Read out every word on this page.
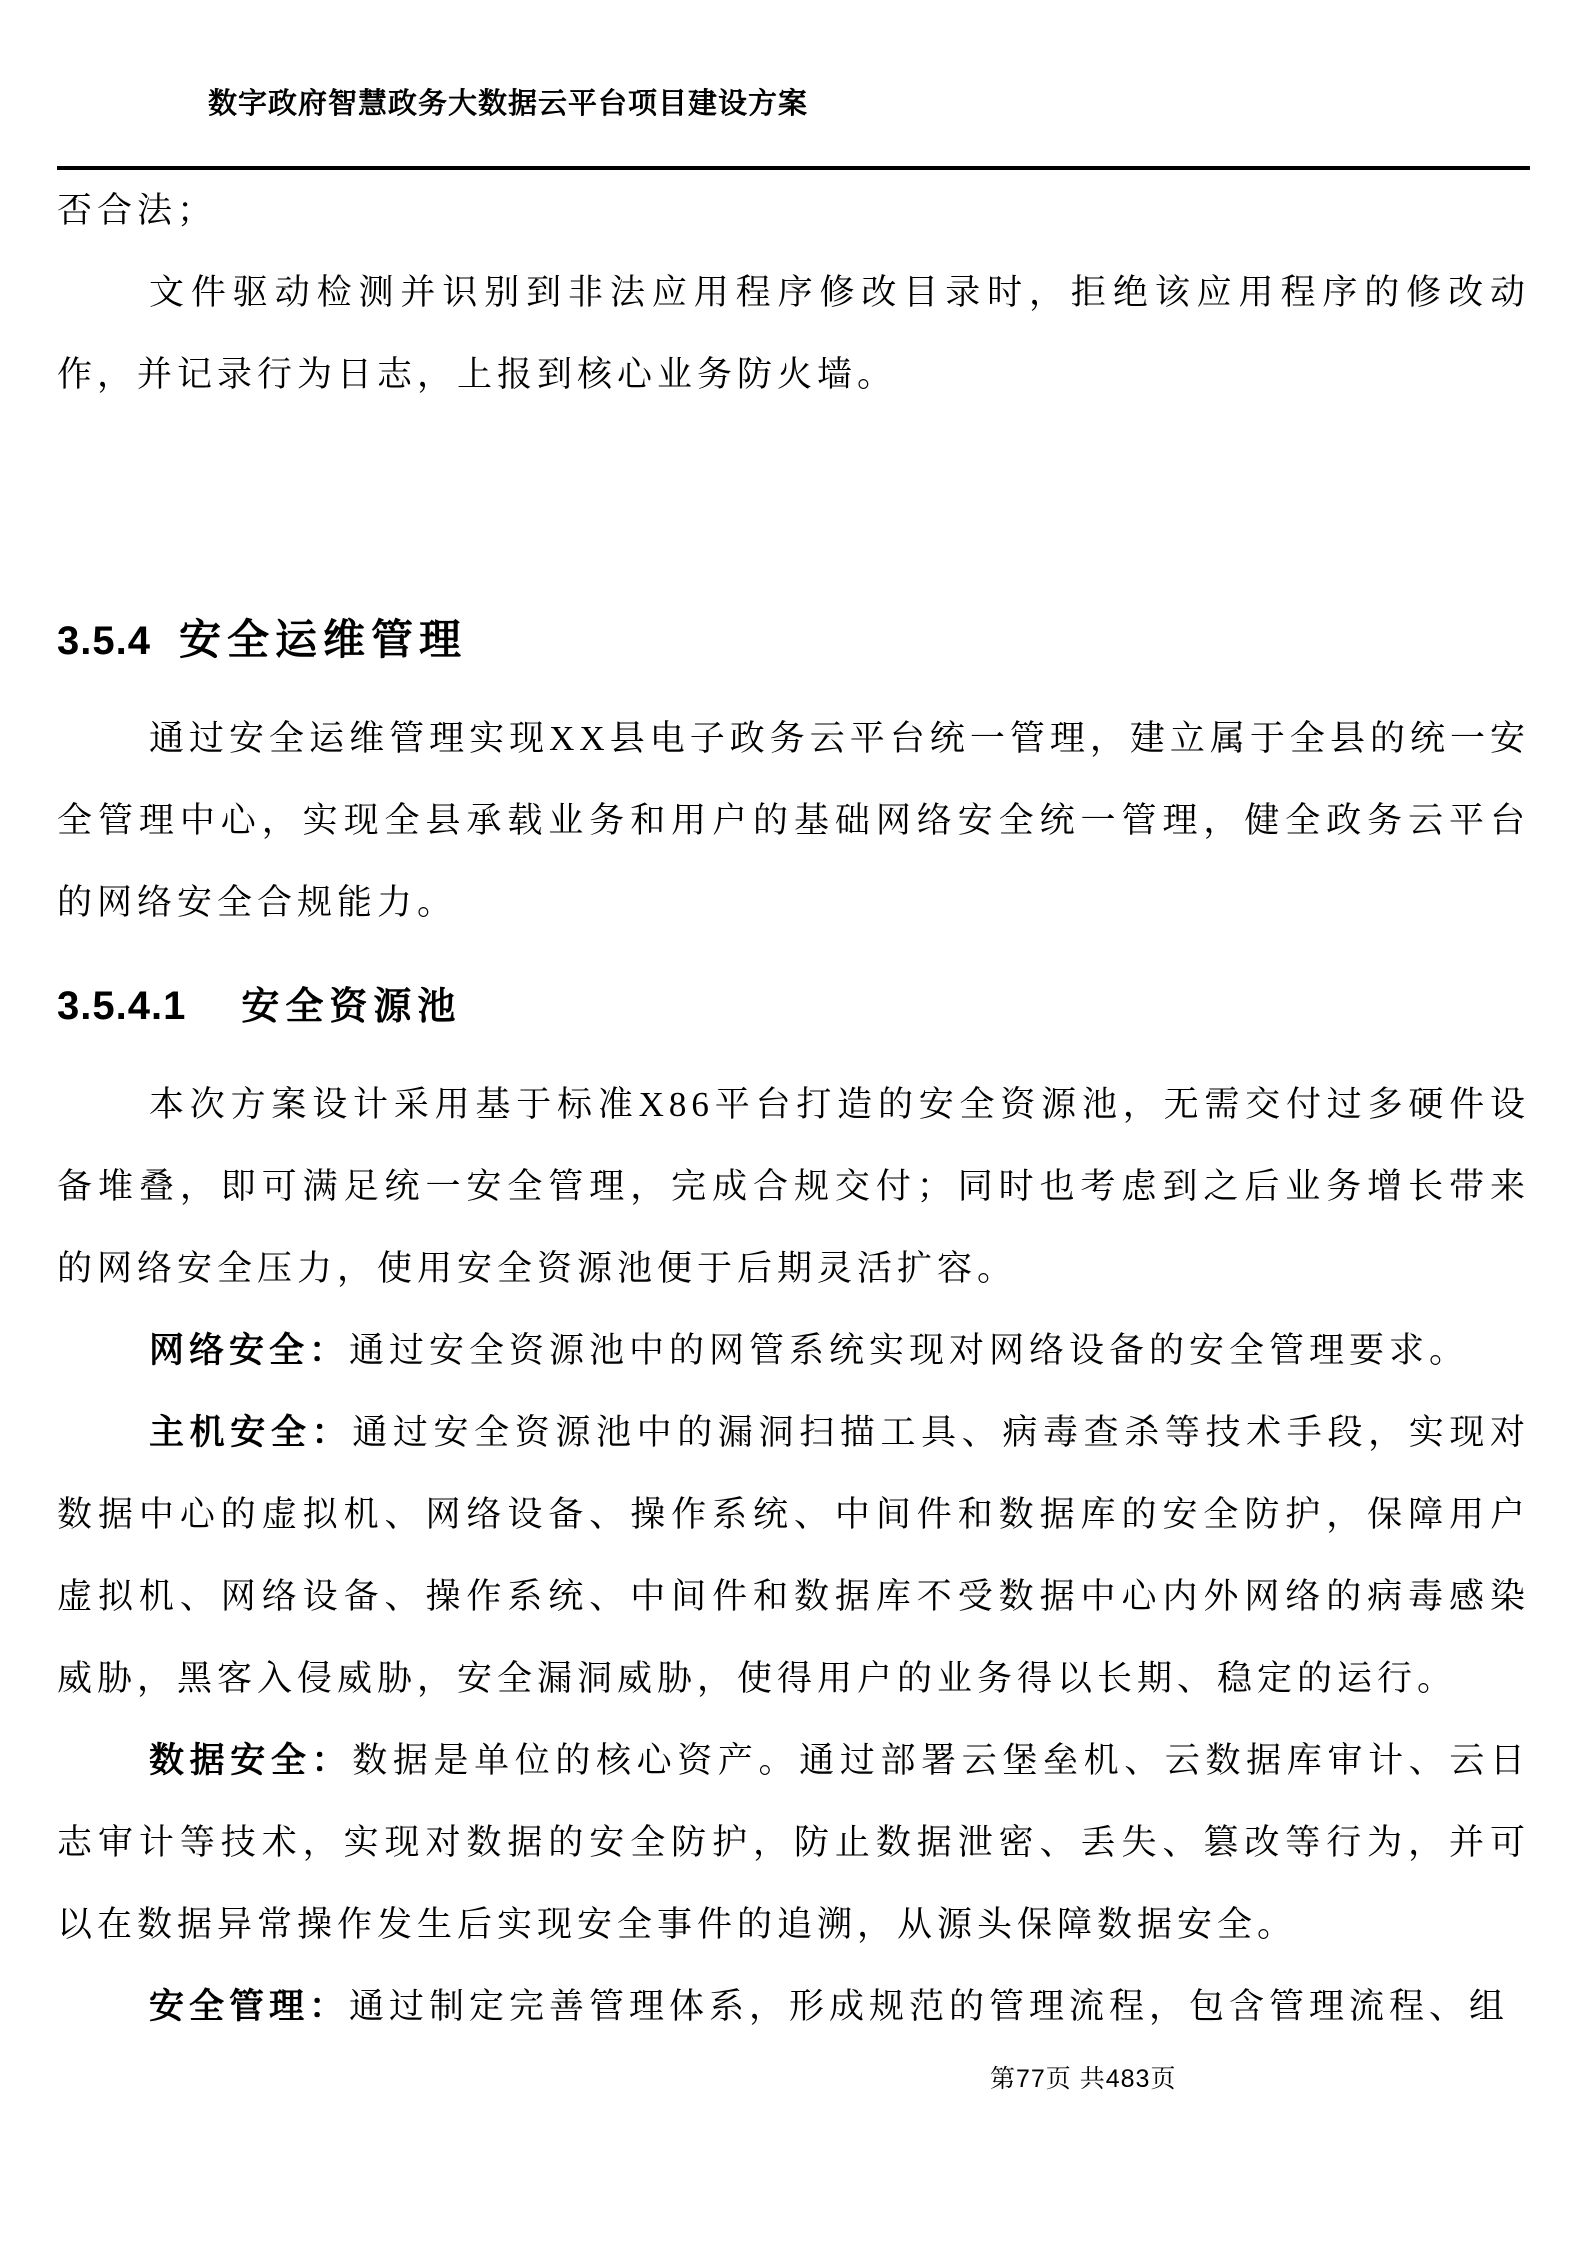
数字政府智慧政务大数据云平台项目建设方案

否合法；

文件驱动检测并识别到非法应用程序修改目录时，拒绝该应用程序的修改动作，并记录行为日志，上报到核心业务防火墙。

3.5.4 安全运维管理

通过安全运维管理实现XX县电子政务云平台统一管理，建立属于全县的统一安全管理中心，实现全县承载业务和用户的基础网络安全统一管理，健全政务云平台的网络安全合规能力。

3.5.4.1 安全资源池

本次方案设计采用基于标准X86平台打造的安全资源池，无需交付过多硬件设备堆叠，即可满足统一安全管理，完成合规交付；同时也考虑到之后业务增长带来的网络安全压力，使用安全资源池便于后期灵活扩容。

网络安全：通过安全资源池中的网管系统实现对网络设备的安全管理要求。

主机安全：通过安全资源池中的漏洞扫描工具、病毒查杀等技术手段，实现对数据中心的虚拟机、网络设备、操作系统、中间件和数据库的安全防护，保障用户虚拟机、网络设备、操作系统、中间件和数据库不受数据中心内外网络的病毒感染威胁，黑客入侵威胁，安全漏洞威胁，使得用户的业务得以长期、稳定的运行。

数据安全：数据是单位的核心资产。通过部署云堡垒机、云数据库审计、云日志审计等技术，实现对数据的安全防护，防止数据泄密、丢失、篡改等行为，并可以在数据异常操作发生后实现安全事件的追溯，从源头保障数据安全。

安全管理：通过制定完善管理体系，形成规范的管理流程，包含管理流程、组

第77页 共483页
